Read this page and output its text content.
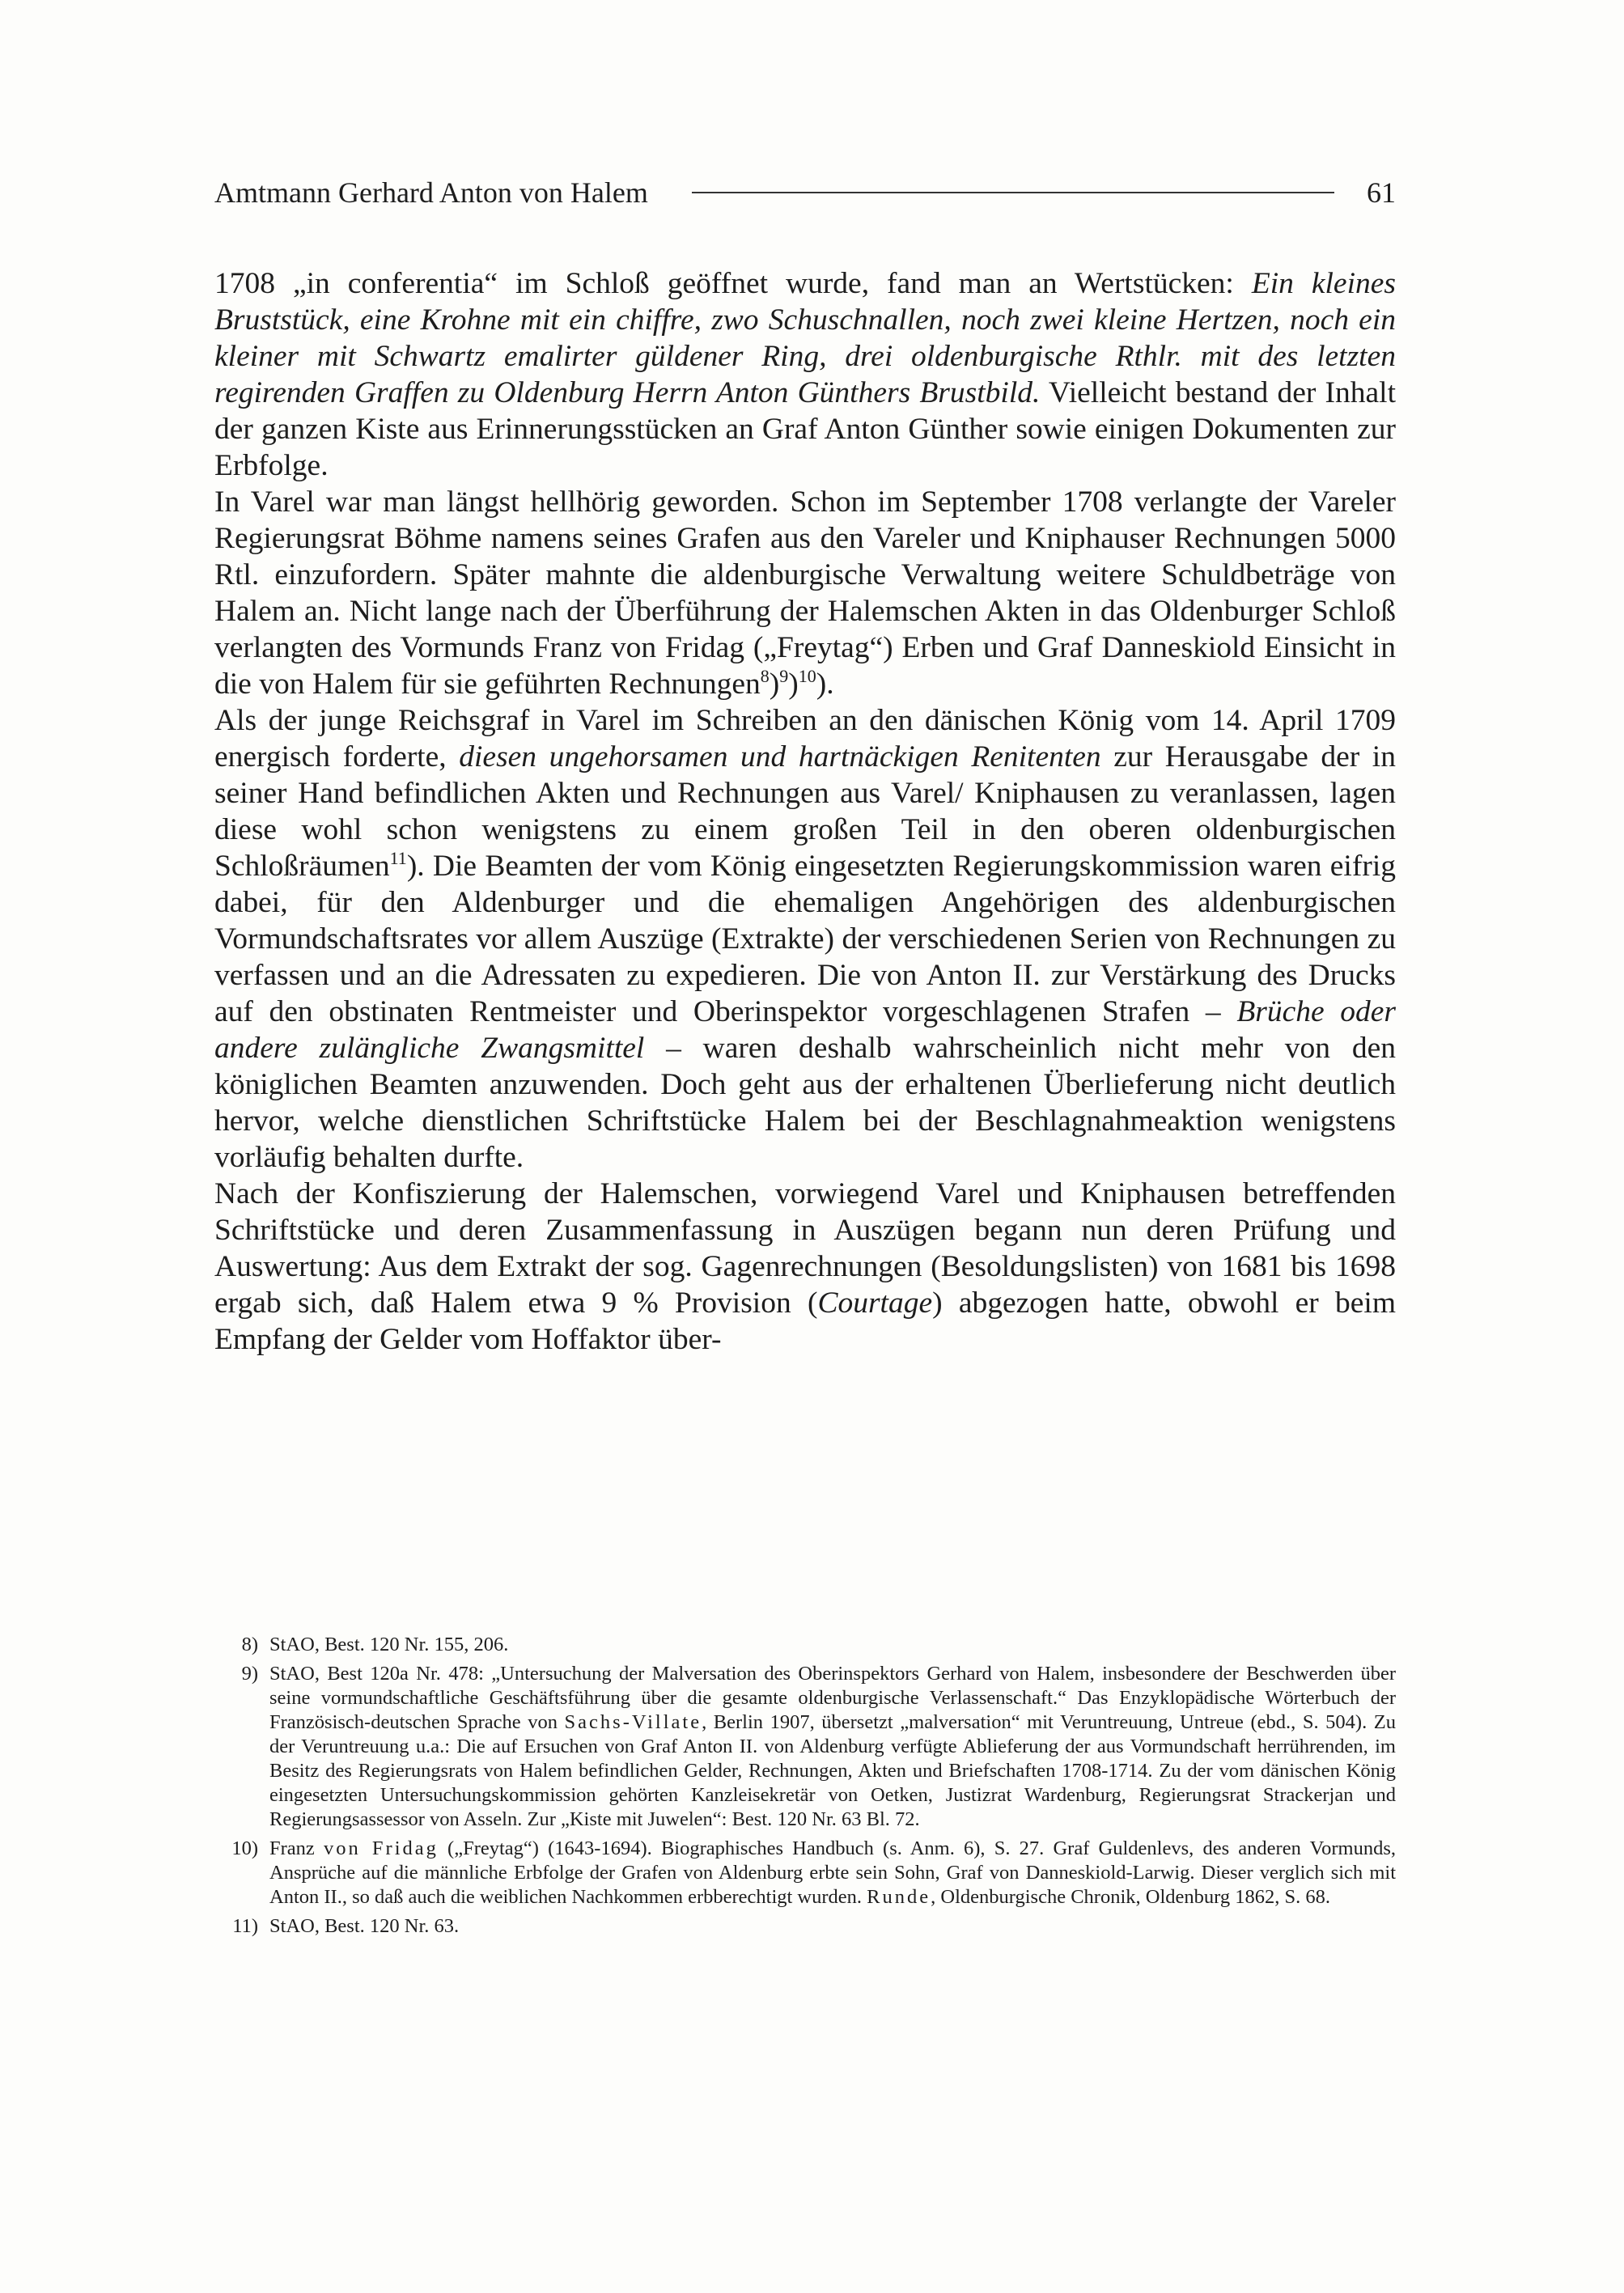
Amtmann Gerhard Anton von Halem	61

1708 „in conferentia“ im Schloß geöffnet wurde, fand man an Wertstücken: Ein kleines Bruststück, eine Krohne mit ein chiffre, zwo Schuschnallen, noch zwei kleine Hertzen, noch ein kleiner mit Schwartz emalirter güldener Ring, drei oldenburgische Rthlr. mit des letzten regirenden Graffen zu Oldenburg Herrn Anton Günthers Brustbild. Vielleicht bestand der Inhalt der ganzen Kiste aus Erinnerungsstücken an Graf Anton Günther sowie einigen Dokumenten zur Erbfolge.

In Varel war man längst hellhörig geworden. Schon im September 1708 verlangte der Vareler Regierungsrat Böhme namens seines Grafen aus den Vareler und Kniphauser Rechnungen 5000 Rtl. einzufordern. Später mahnte die aldenburgische Verwaltung weitere Schuldbeträge von Halem an. Nicht lange nach der Überführung der Halemschen Akten in das Oldenburger Schloß verlangten des Vormunds Franz von Fridag („Freytag“) Erben und Graf Danneskiold Einsicht in die von Halem für sie geführten Rechnungen$^8$)$^9$)$^{10}$).

Als der junge Reichsgraf in Varel im Schreiben an den dänischen König vom 14. April 1709 energisch forderte, diesen ungehorsamen und hartnäckigen Renitenten zur Herausgabe der in seiner Hand befindlichen Akten und Rechnungen aus Varel/ Kniphausen zu veranlassen, lagen diese wohl schon wenigstens zu einem großen Teil in den oberen oldenburgischen Schloßräumen$^{11}$). Die Beamten der vom König eingesetzten Regierungskommission waren eifrig dabei, für den Aldenburger und die ehemaligen Angehörigen des aldenburgischen Vormundschaftsrates vor allem Auszüge (Extrakte) der verschiedenen Serien von Rechnungen zu verfassen und an die Adressaten zu expedieren. Die von Anton II. zur Verstärkung des Drucks auf den obstinaten Rentmeister und Oberinspektor vorgeschlagenen Strafen – Brüche oder andere zulängliche Zwangsmittel – waren deshalb wahrscheinlich nicht mehr von den königlichen Beamten anzuwenden. Doch geht aus der erhaltenen Überlieferung nicht deutlich hervor, welche dienstlichen Schriftstücke Halem bei der Beschlagnahmeaktion wenigstens vorläufig behalten durfte.

Nach der Konfiszierung der Halemschen, vorwiegend Varel und Kniphausen betreffenden Schriftstücke und deren Zusammenfassung in Auszügen begann nun deren Prüfung und Auswertung: Aus dem Extrakt der sog. Gagenrechnungen (Besoldungslisten) von 1681 bis 1698 ergab sich, daß Halem etwa 9 % Provision (Courtage) abgezogen hatte, obwohl er beim Empfang der Gelder vom Hoffaktor über-

8) StAO, Best. 120 Nr. 155, 206.
9) StAO, Best 120a Nr. 478: „Untersuchung der Malversation des Oberinspektors Gerhard von Halem, insbesondere der Beschwerden über seine vormundschaftliche Geschäftsführung über die gesamte oldenburgische Verlassenschaft.“ Das Enzyklopädische Wörterbuch der Französisch-deutschen Sprache von Sachs-Villate, Berlin 1907, übersetzt „malversation“ mit Veruntreuung, Untreue (ebd., S. 504). Zu der Veruntreuung u.a.: Die auf Ersuchen von Graf Anton II. von Aldenburg verfügte Ablieferung der aus Vormundschaft herrührenden, im Besitz des Regierungsrats von Halem befindlichen Gelder, Rechnungen, Akten und Briefschaften 1708-1714. Zu der vom dänischen König eingesetzten Untersuchungskommission gehörten Kanzleisekretär von Oetken, Justizrat Wardenburg, Regierungsrat Strackerjan und Regierungsassessor von Asseln. Zur „Kiste mit Juwelen“: Best. 120 Nr. 63 Bl. 72.
10) Franz von Fridag („Freytag“) (1643-1694). Biographisches Handbuch (s. Anm. 6), S. 27. Graf Guldenlevs, des anderen Vormunds, Ansprüche auf die männliche Erbfolge der Grafen von Aldenburg erbte sein Sohn, Graf von Danneskiold-Larwig. Dieser verglich sich mit Anton II., so daß auch die weiblichen Nachkommen erbberechtigt wurden. Runde, Oldenburgische Chronik, Oldenburg 1862, S. 68.
11) StAO, Best. 120 Nr. 63.
